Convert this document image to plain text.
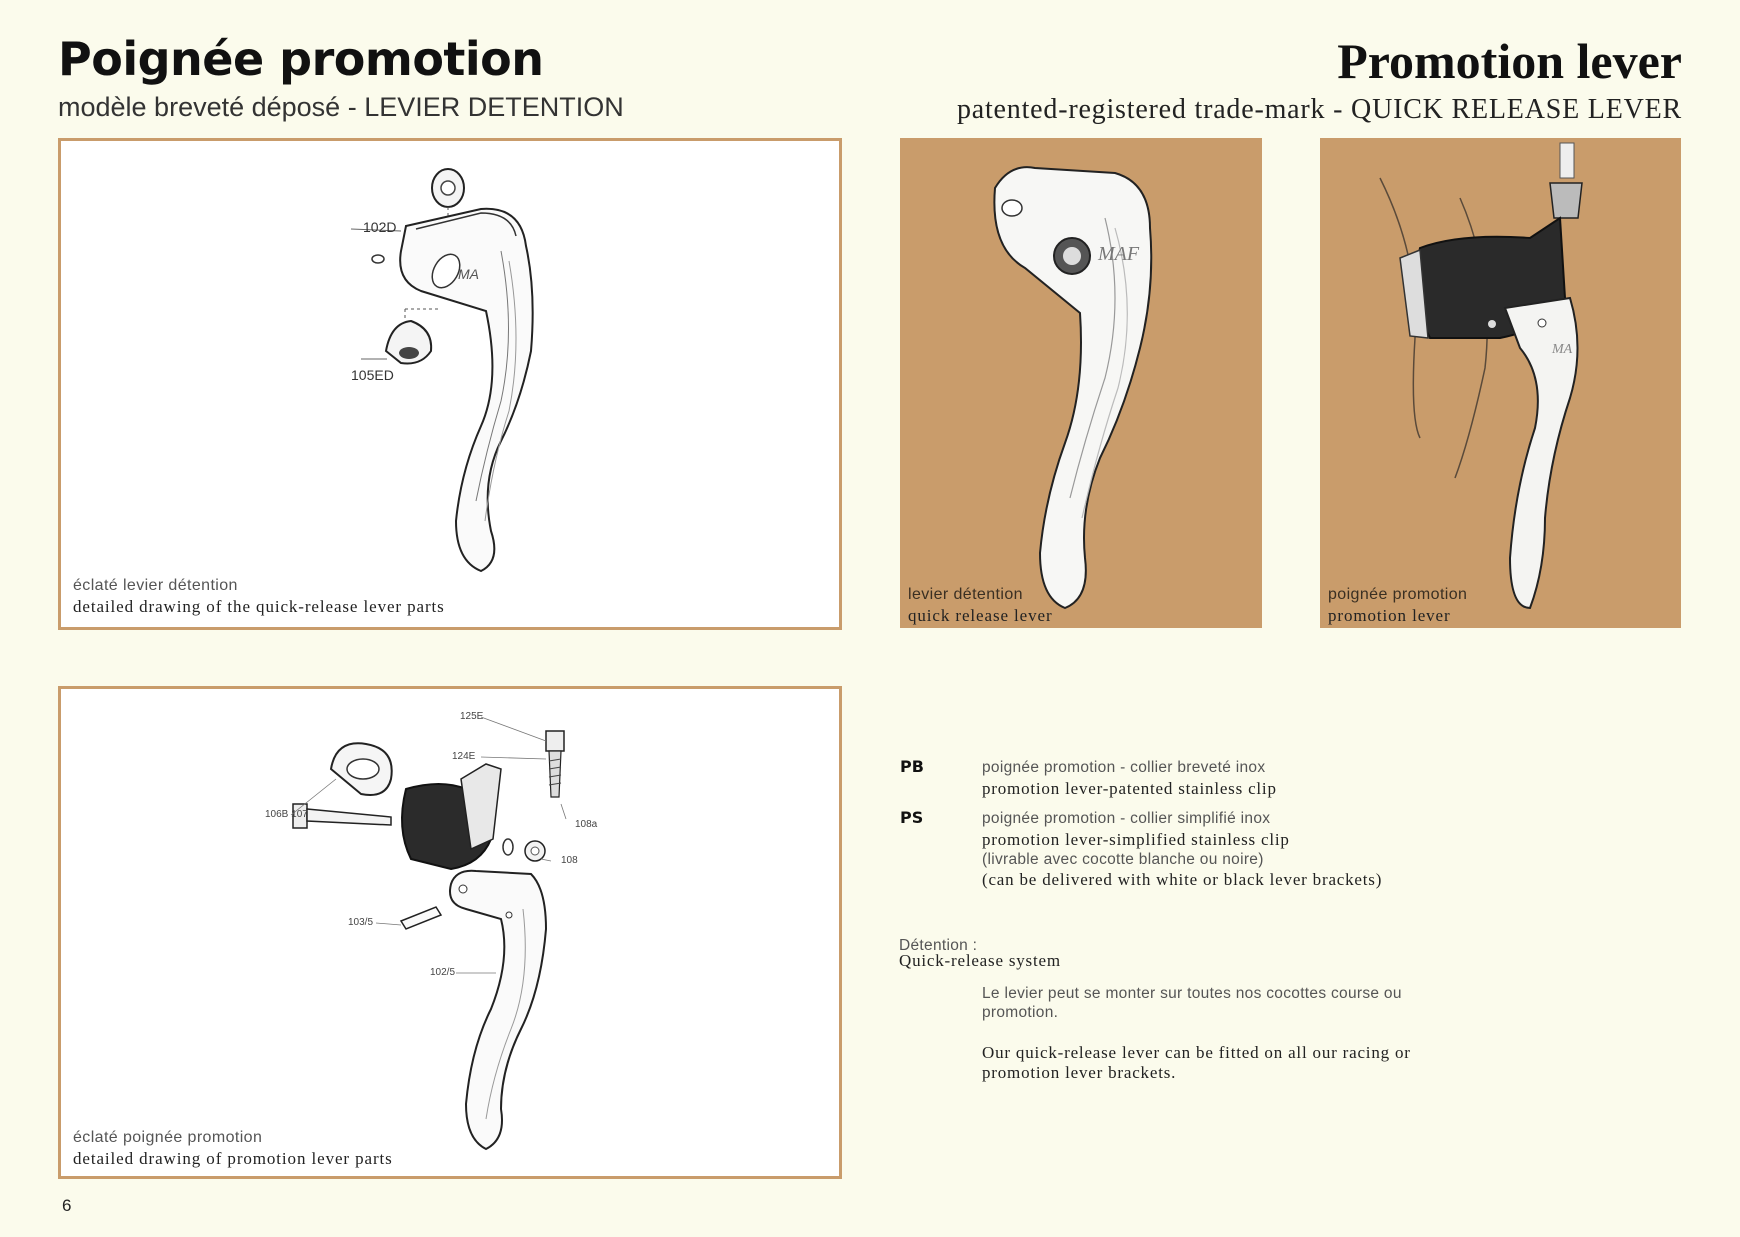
Poignée promotion
modèle breveté déposé - LEVIER DETENTION
Promotion lever
patented-registered trade-mark - QUICK RELEASE LEVER
MA
102D
105ED
éclaté levier détention
detailed drawing of the quick-release lever parts
MAF
levier détention
quick release lever
MA
poignée promotion
promotion lever
125E
124E
106B 107
108a
108
103/5
102/5
éclaté poignée promotion
detailed drawing of promotion lever parts
PB	poignée promotion - collier breveté inox
promotion lever-patented stainless clip
PS	poignée promotion - collier simplifié inox
promotion lever-simplified stainless clip
(livrable avec cocotte blanche ou noire)
(can be delivered with white or black lever brackets)
Détention :
Quick-release system
Le levier peut se monter sur toutes nos cocottes course ou promotion.
Our quick-release lever can be fitted on all our racing or promotion lever brackets.
6
